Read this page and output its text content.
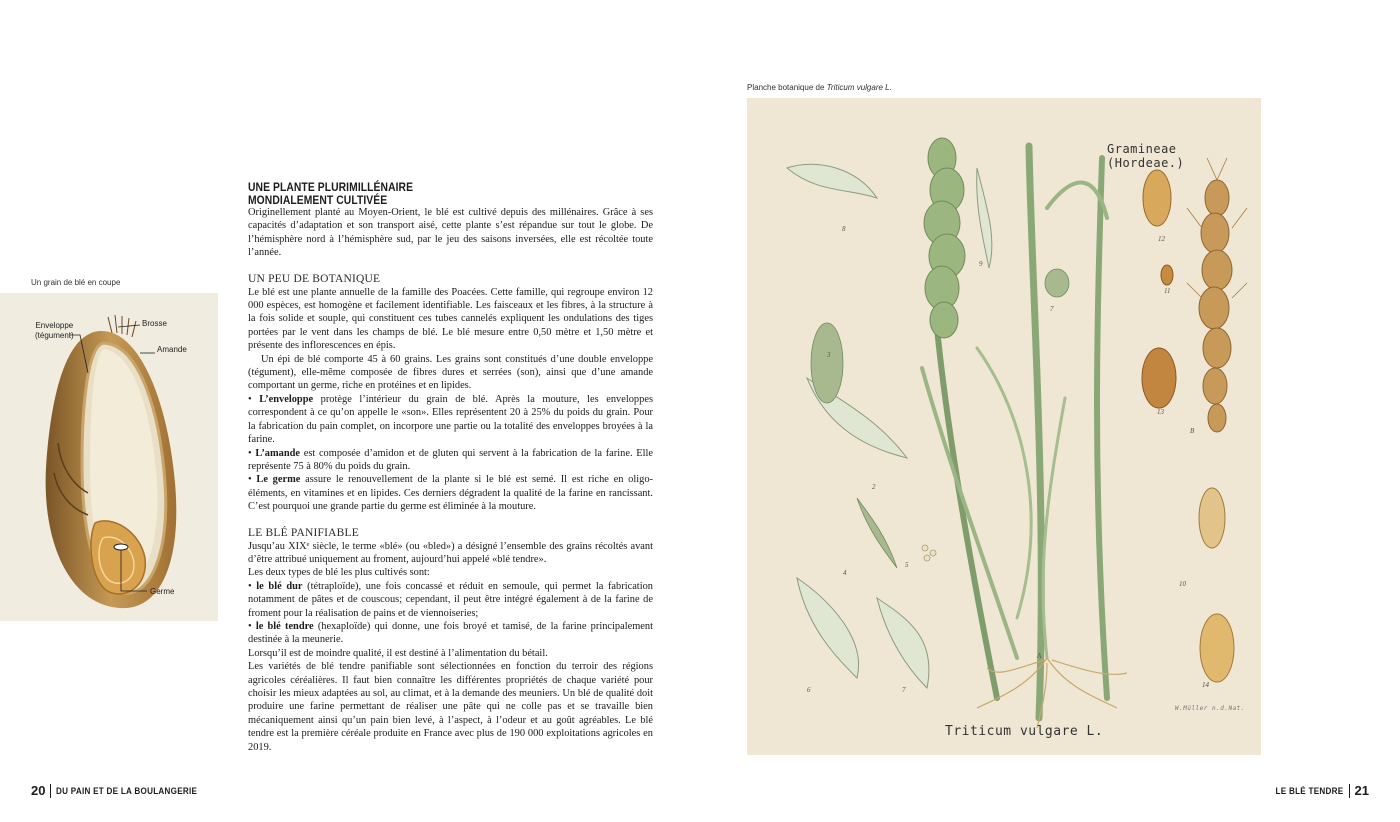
Un grain de blé en coupe
Enveloppe
(tégument)
Brosse
Amande
Germe
UNE PLANTE PLURIMILLÉNAIRE
MONDIALEMENT CULTIVÉE

Originellement planté au Moyen-Orient, le blé est cultivé depuis des millénaires. Grâce à ses capacités d’adaptation et son transport aisé, cette plante s’est répandue sur tout le globe. De l’hémisphère nord à l’hémisphère sud, par le jeu des saisons inversées, elle est récoltée toute l’année.

UN PEU DE BOTANIQUE

Le blé est une plante annuelle de la famille des Poacées. Cette famille, qui regroupe environ 12 000 espèces, est homogène et facilement identifiable. Les faisceaux et les fibres, à la structure à la fois solide et souple, qui constituent ces tubes cannelés expliquent les ondulations des tiges portées par le vent dans les champs de blé. Le blé mesure entre 0,50 mètre et 1,50 mètre et présente des inflorescences en épis.

Un épi de blé comporte 45 à 60 grains. Les grains sont constitués d’une double enveloppe (tégument), elle-même composée de fibres dures et serrées (son), ainsi que d’une amande comportant un germe, riche en protéines et en lipides.

• L’enveloppe protège l’intérieur du grain de blé. Après la mouture, les enveloppes correspondent à ce qu’on appelle le «son». Elles représentent 20 à 25% du poids du grain. Pour la fabrication du pain complet, on incorpore une partie ou la totalité des enveloppes broyées à la farine.

• L’amande est composée d’amidon et de gluten qui servent à la fabrication de la farine. Elle représente 75 à 80% du poids du grain.

• Le germe assure le renouvellement de la plante si le blé est semé. Il est riche en oligo-éléments, en vitamines et en lipides. Ces derniers dégradent la qualité de la farine en rancissant. C’est pourquoi une grande partie du germe est éliminée à la mouture.

LE BLÉ PANIFIABLE

Jusqu’au XIXᵉ siècle, le terme «blé» (ou «bled») a désigné l’ensemble des grains récoltés avant d’être attribué uniquement au froment, aujourd’hui appelé «blé tendre».

Les deux types de blé les plus cultivés sont:

• le blé dur (tétraploïde), une fois concassé et réduit en semoule, qui permet la fabrication notamment de pâtes et de couscous; cependant, il peut être intégré également à de la farine de froment pour la réalisation de pains et de viennoiseries;

• le blé tendre (hexaploïde) qui donne, une fois broyé et tamisé, de la farine principalement destinée à la meunerie.

Lorsqu’il est de moindre qualité, il est destiné à l’alimentation du bétail.

Les variétés de blé tendre panifiable sont sélectionnées en fonction du terroir des régions agricoles céréalières. Il faut bien connaître les différentes propriétés de chaque variété pour choisir les mieux adaptées au sol, au climat, et à la demande des meuniers. Un blé de qualité doit produire une farine permettant de réaliser une pâte qui ne colle pas et se travaille bien mécaniquement ainsi qu’un pain bien levé, à l’aspect, à l’odeur et au goût agréables. Le blé tendre est la première céréale produite en France avec plus de 190 000 exploitations agricoles en 2019.

20 DU PAIN ET DE LA BOULANGERIE
Planche botanique de Triticum vulgare L.
Gramineae (Hordeae.)
Triticum vulgare L.
W.Müller n.d.Nat.
8
9
12
11
3
7
13
B
2
4
5
10
6	7
A
14
LE BLÉ TENDRE 21
